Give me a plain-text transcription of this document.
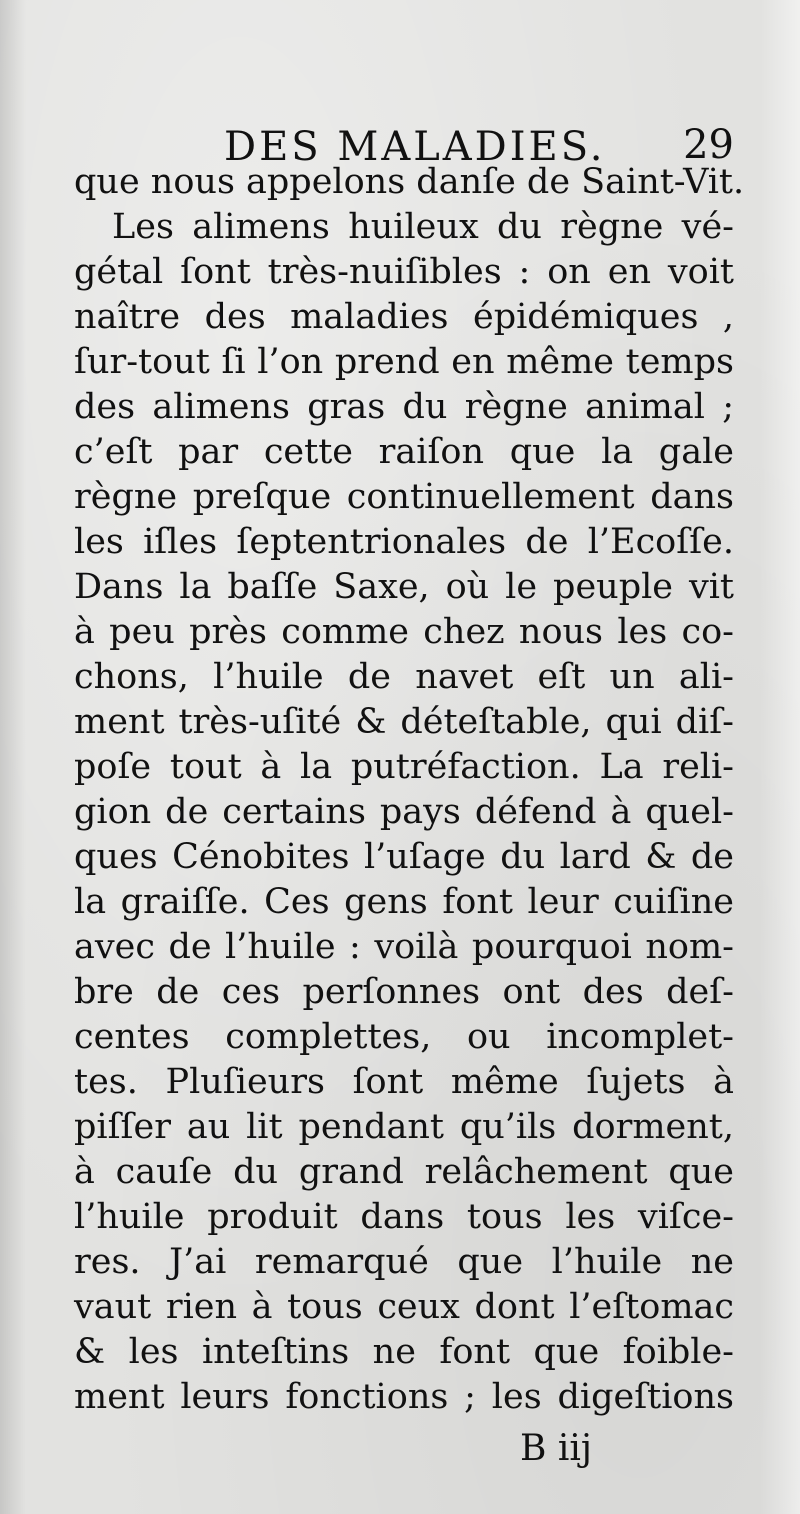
DES MALADIES. 29
que nous appelons danſe de Saint-Vit.
Les alimens huileux du règne vé-
gétal ſont très-nuiſibles : on en voit
naître des maladies épidémiques ,
ſur-tout ſi l’on prend en même temps
des alimens gras du règne animal ;
c’eſt par cette raiſon que la gale
règne preſque continuellement dans
les iſles ſeptentrionales de l’Ecoſſe.
Dans la baſſe Saxe, où le peuple vit
à peu près comme chez nous les co-
chons, l’huile de navet eſt un ali-
ment très-uſité & déteſtable, qui diſ-
poſe tout à la putréfaction. La reli-
gion de certains pays défend à quel-
ques Cénobites l’uſage du lard & de
la graiſſe. Ces gens font leur cuiſine
avec de l’huile : voilà pourquoi nom-
bre de ces perſonnes ont des deſ-
centes complettes, ou incomplet-
tes. Pluſieurs ſont même ſujets à
piſſer au lit pendant qu’ils dorment,
à cauſe du grand relâchement que
l’huile produit dans tous les viſce-
res. J’ai remarqué que l’huile ne
vaut rien à tous ceux dont l’eſtomac
& les inteſtins ne font que foible-
ment leurs fonctions ; les digeſtions
B iij
